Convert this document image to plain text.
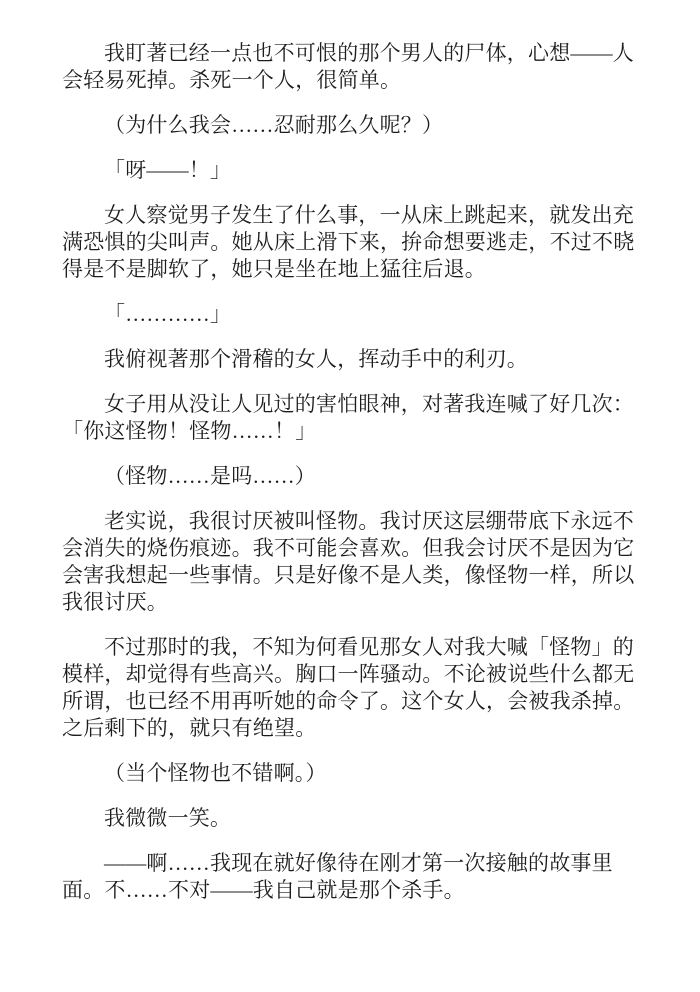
我盯著已经一点也不可恨的那个男人的尸体，心想——人
会轻易死掉。杀死一个人，很简单。

（为什么我会……忍耐那么久呢？）

「呀——！」

女人察觉男子发生了什么事，一从床上跳起来，就发出充
满恐惧的尖叫声。她从床上滑下来，拚命想要逃走，不过不晓
得是不是脚软了，她只是坐在地上猛往后退。

「…………」

我俯视著那个滑稽的女人，挥动手中的利刃。

女子用从没让人见过的害怕眼神，对著我连喊了好几次：
「你这怪物！怪物……！」

（怪物……是吗……）

老实说，我很讨厌被叫怪物。我讨厌这层绷带底下永远不
会消失的烧伤痕迹。我不可能会喜欢。但我会讨厌不是因为它
会害我想起一些事情。只是好像不是人类，像怪物一样，所以
我很讨厌。

不过那时的我，不知为何看见那女人对我大喊「怪物」的
模样，却觉得有些高兴。胸口一阵骚动。不论被说些什么都无
所谓，也已经不用再听她的命令了。这个女人，会被我杀掉。
之后剩下的，就只有绝望。

（当个怪物也不错啊。）

我微微一笑。

——啊……我现在就好像待在刚才第一次接触的故事里
面。不……不对——我自己就是那个杀手。
